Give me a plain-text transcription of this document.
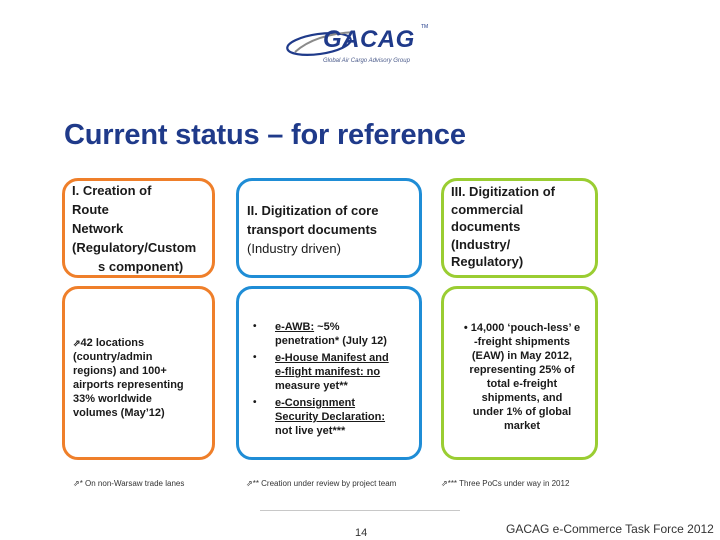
GACAG TM
Global Air Cargo Advisory Group
Current status – for reference
I. Creation of
Route
Network
(Regulatory/Custom
s component)
⇗42 locations
(country/admin
regions) and 100+
airports representing
33% worldwide
volumes (May’12)
⇗* On non-Warsaw trade lanes
II. Digitization of core
transport documents
(Industry driven)
• e-AWB: ~5%
penetration* (July 12)
• e-House Manifest and
e-flight manifest: no
measure yet**
• e-Consignment
Security Declaration:
not live yet***
⇗** Creation under review by project team
III. Digitization of
commercial
documents
(Industry/
Regulatory)
• 14,000 ‘pouch-less’ e
-freight shipments
(EAW) in May 2012,
representing 25% of
total e-freight
shipments, and
under 1% of global
market
⇗*** Three PoCs under way in 2012
14	GACAG e-Commerce Task Force 2012
